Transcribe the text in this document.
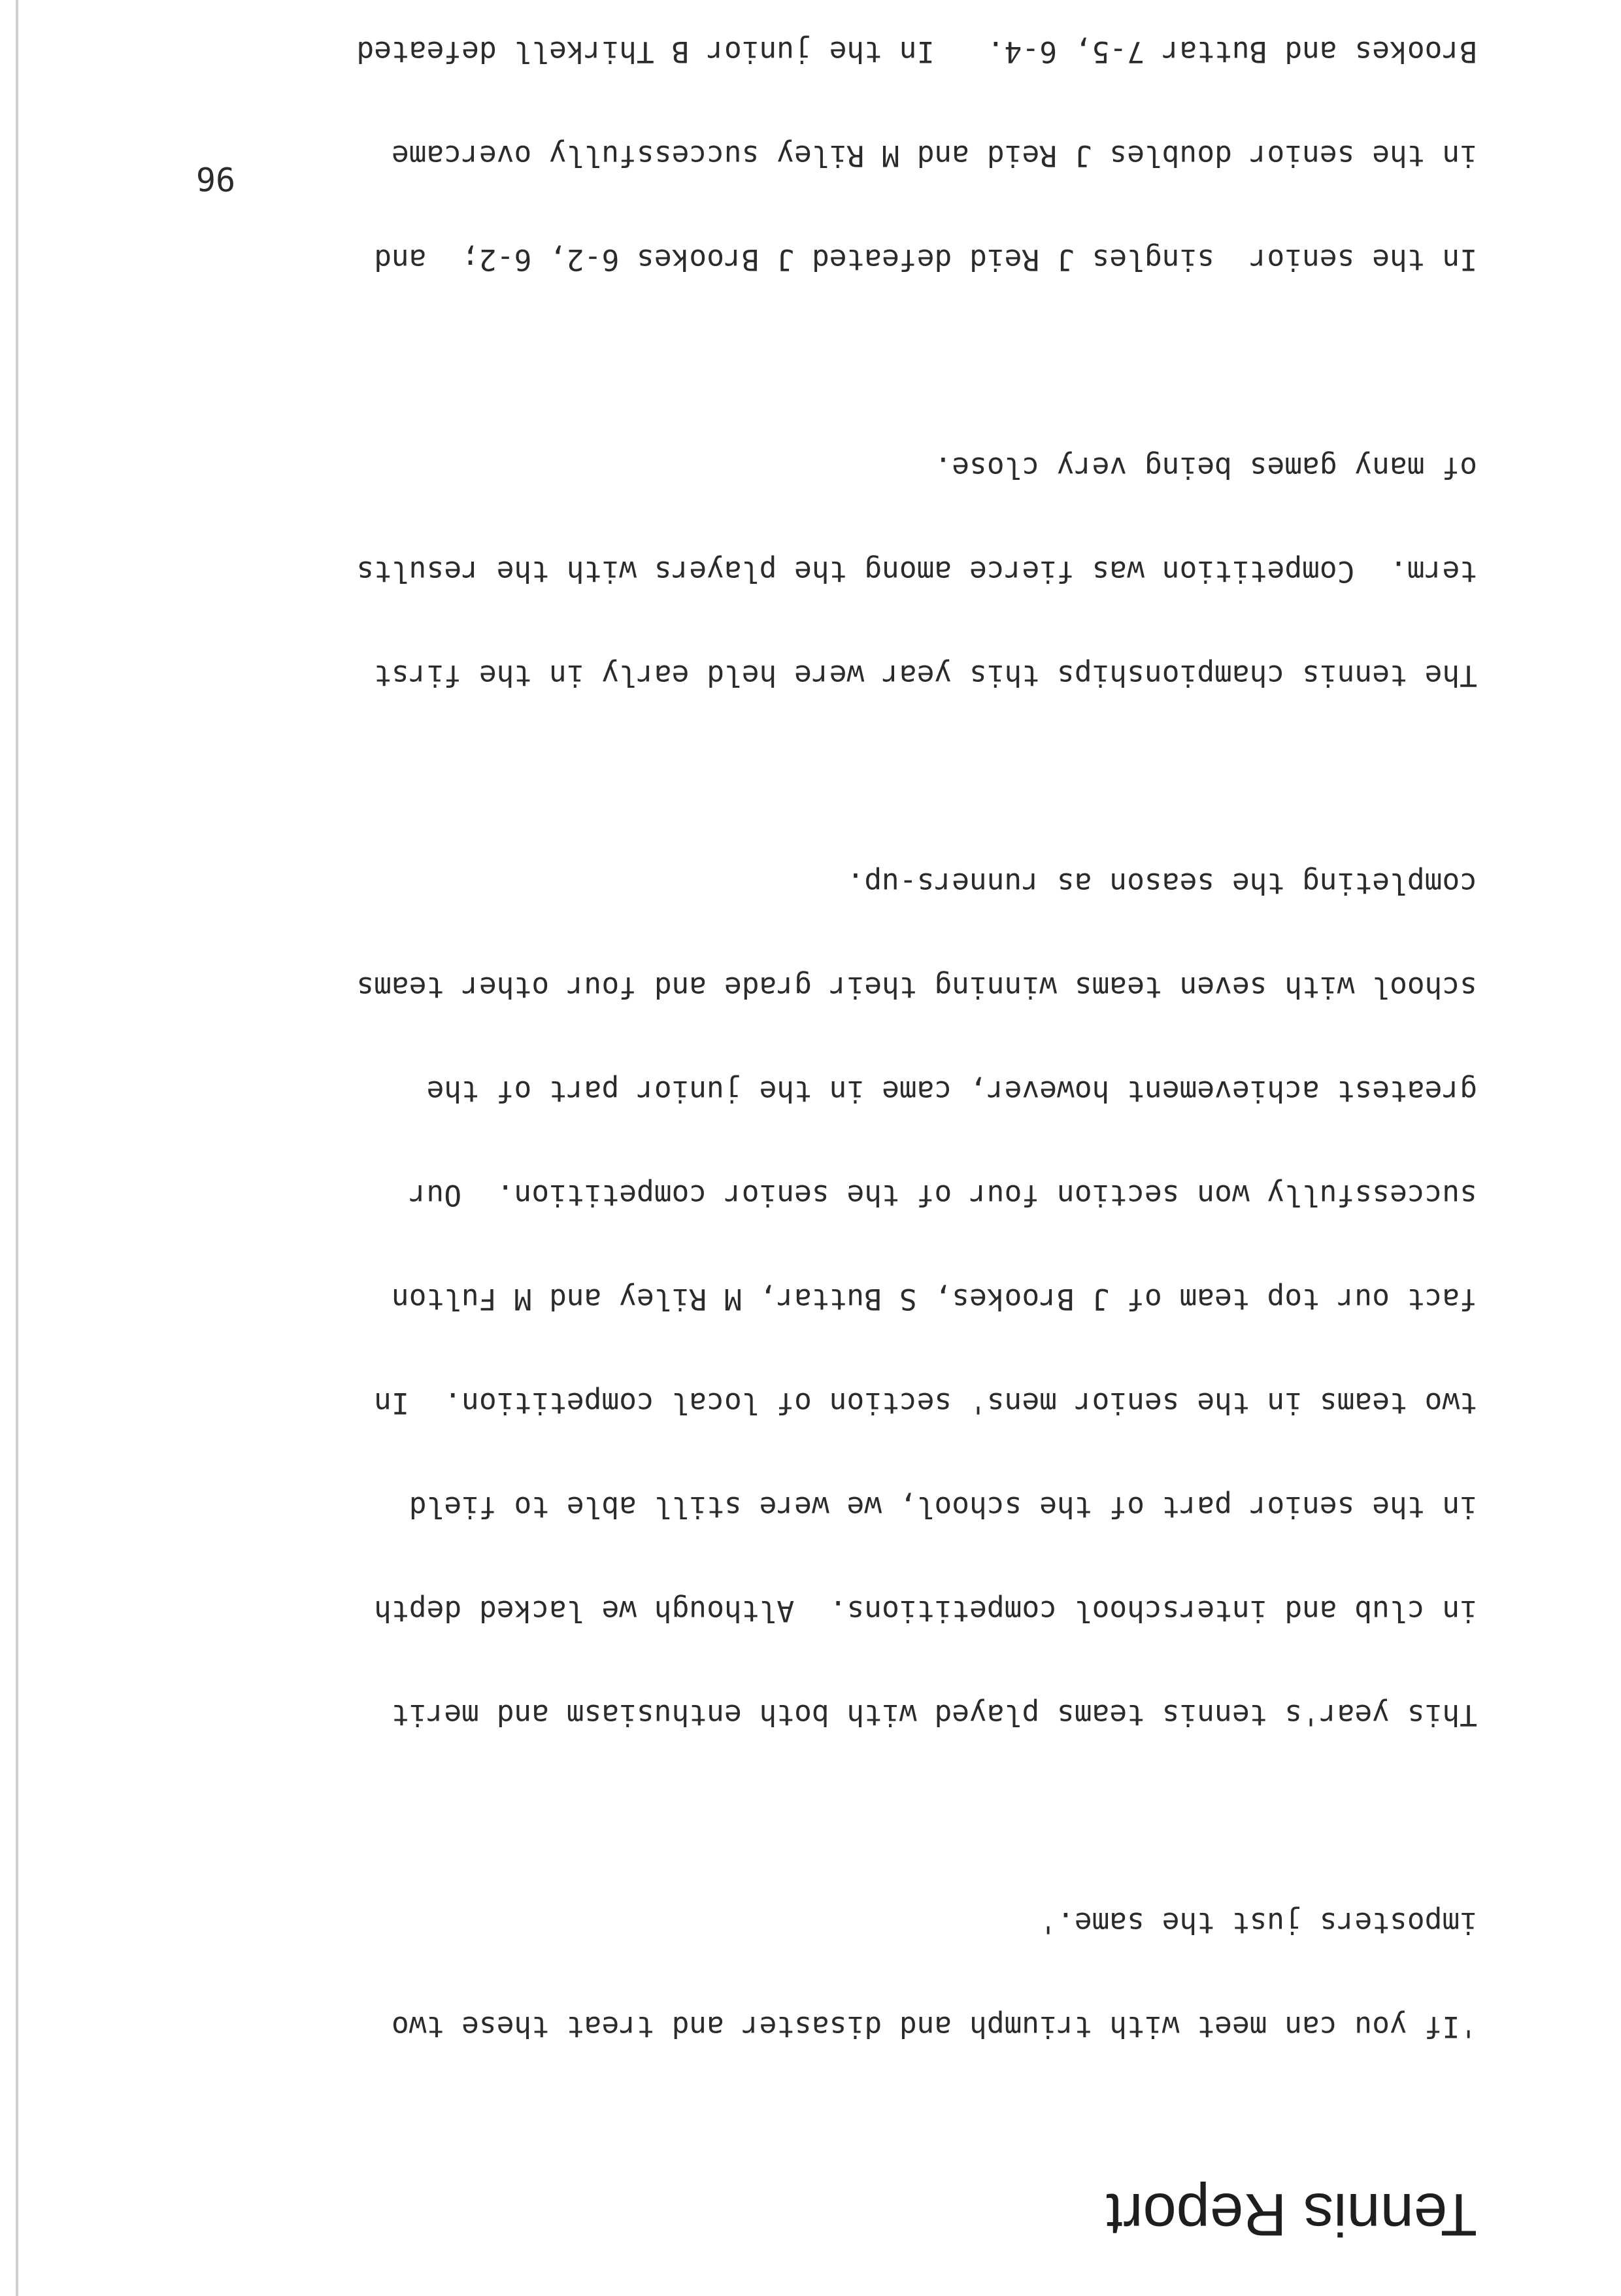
Tennis Report

'If you can meet with triumph and disaster and treat these two

imposters just the same.'

This year's tennis teams played with both enthusiasm and merit

in club and interschool competitions.  Although we lacked depth

in the senior part of the school, we were still able to field

two teams in the senior mens' section of local competition.  In

fact our top team of J Brookes, S Buttar, M Riley and M Fulton

successfully won section four of the senior competition.  Our

greatest achievement however, came in the junior part of the

school with seven teams winning their grade and four other teams

completing the season as runners-up.

The tennis championships this year were held early in the first

term.  Competition was fierce among the players with the results

of many games being very close.

In the senior  singles J Reid defeated J Brookes 6-2, 6-2;  and

in the senior doubles J Reid and M Riley successfully overcame

Brookes and Buttar 7-5, 6-4.   In the junior B Thirkell defeated

96
